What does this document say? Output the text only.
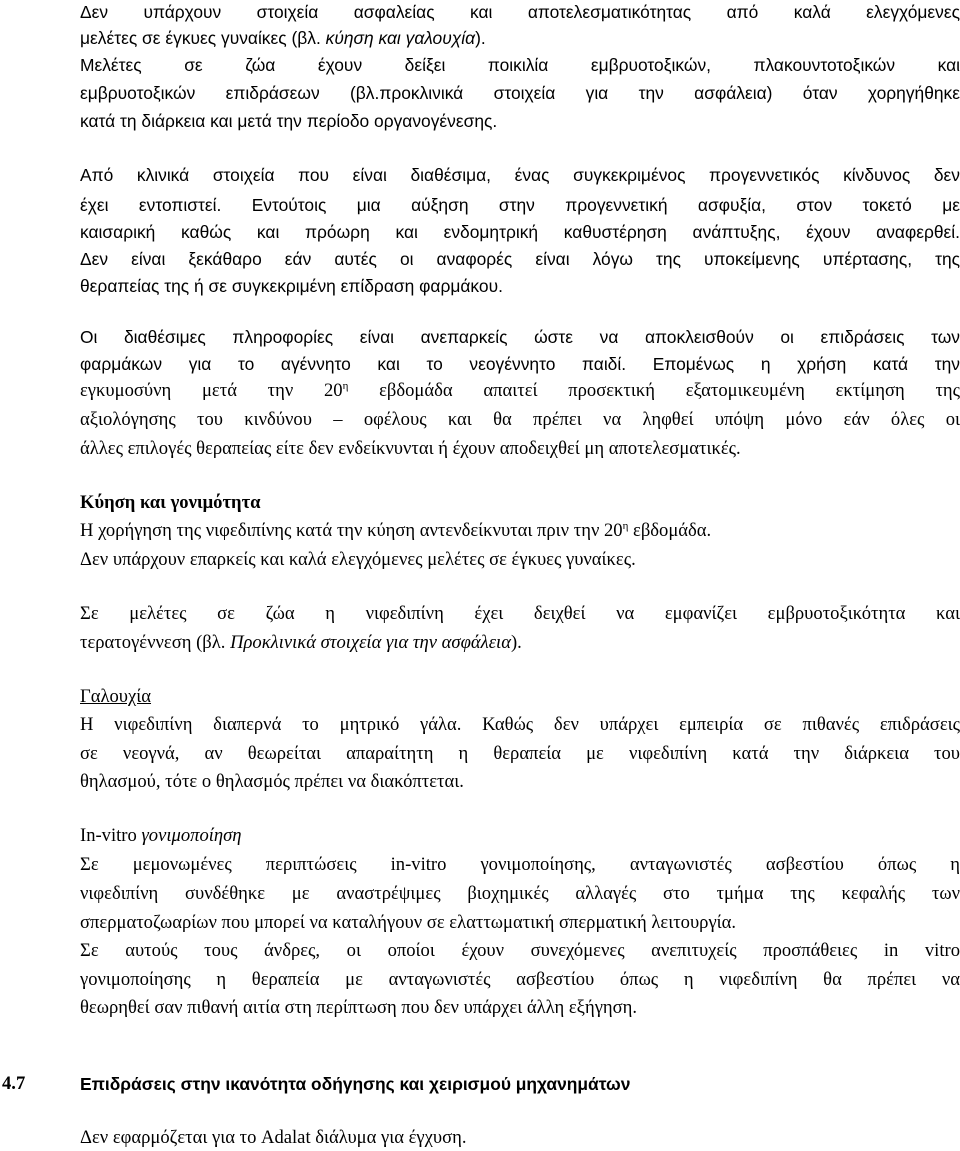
Δεν υπάρχουν στοιχεία ασφαλείας και αποτελεσματικότητας από καλά ελεγχόμενες
μελέτες σε έγκυες γυναίκες (βλ. κύηση και γαλουχία).
Μελέτες σε ζώα έχουν δείξει ποικιλία εμβρυοτοξικών, πλακουντοτοξικών και
εμβρυοτοξικών επιδράσεων (βλ.προκλινικά στοιχεία για την ασφάλεια) όταν χορηγήθηκε
κατά τη διάρκεια και μετά την περίοδο οργανογένεσης.
Από κλινικά στοιχεία που είναι διαθέσιμα, ένας συγκεκριμένος προγεννετικός κίνδυνος δεν
έχει εντοπιστεί. Εντούτοις μια αύξηση στην προγεννετική ασφυξία, στον τοκετό με
καισαρική καθώς και πρόωρη και ενδομητρική καθυστέρηση ανάπτυξης, έχουν αναφερθεί.
Δεν είναι ξεκάθαρο εάν αυτές οι αναφορές είναι λόγω της υποκείμενης υπέρτασης, της
θεραπείας της ή σε συγκεκριμένη επίδραση φαρμάκου.
Οι διαθέσιμες πληροφορίες είναι ανεπαρκείς ώστε να αποκλεισθούν οι επιδράσεις των
φαρμάκων για το αγέννητο και το νεογέννητο παιδί. Επομένως η χρήση κατά την
εγκυμοσύνη μετά την $20^\eta$ εβδομάδα απαιτεί προσεκτική εξατομικευμένη εκτίμηση της
αξιολόγησης του κινδύνου – οφέλους και θα πρέπει να ληφθεί υπόψη μόνο εάν όλες οι
άλλες επιλογές θεραπείας είτε δεν ενδείκνυνται ή έχουν αποδειχθεί μη αποτελεσματικές.
Κύηση και γονιμότητα
Η χορήγηση της νιφεδιπίνης κατά την κύηση αντενδείκνυται πριν την $20^\eta$ εβδομάδα.
Δεν υπάρχουν επαρκείς και καλά ελεγχόμενες μελέτες σε έγκυες γυναίκες.
Σε μελέτες σε ζώα η νιφεδιπίνη έχει δειχθεί να εμφανίζει εμβρυοτοξικότητα και
τερατογέννεση (βλ. Προκλινικά στοιχεία για την ασφάλεια).
Γαλουχία
Η νιφεδιπίνη διαπερνά το μητρικό γάλα. Καθώς δεν υπάρχει εμπειρία σε πιθανές επιδράσεις
σε νεογνά, αν θεωρείται απαραίτητη η θεραπεία με νιφεδιπίνη κατά την διάρκεια του
θηλασμού, τότε ο θηλασμός πρέπει να διακόπτεται.
In-vitro γονιμοποίηση
Σε μεμονωμένες περιπτώσεις in-vitro γονιμοποίησης, ανταγωνιστές ασβεστίου όπως η
νιφεδιπίνη συνδέθηκε με αναστρέψιμες βιοχημικές αλλαγές στο τμήμα της κεφαλής των
σπερματοζωαρίων που μπορεί να καταλήγουν σε ελαττωματική σπερματική λειτουργία.
Σε αυτούς τους άνδρες, οι οποίοι έχουν συνεχόμενες ανεπιτυχείς προσπάθειες in vitro
γονιμοποίησης η θεραπεία με ανταγωνιστές ασβεστίου όπως η νιφεδιπίνη θα πρέπει να
θεωρηθεί σαν πιθανή αιτία στη περίπτωση που δεν υπάρχει άλλη εξήγηση.
4.7	Επιδράσεις στην ικανότητα οδήγησης και χειρισμού μηχανημάτων
Δεν εφαρμόζεται για το Adalat διάλυμα για έγχυση.
